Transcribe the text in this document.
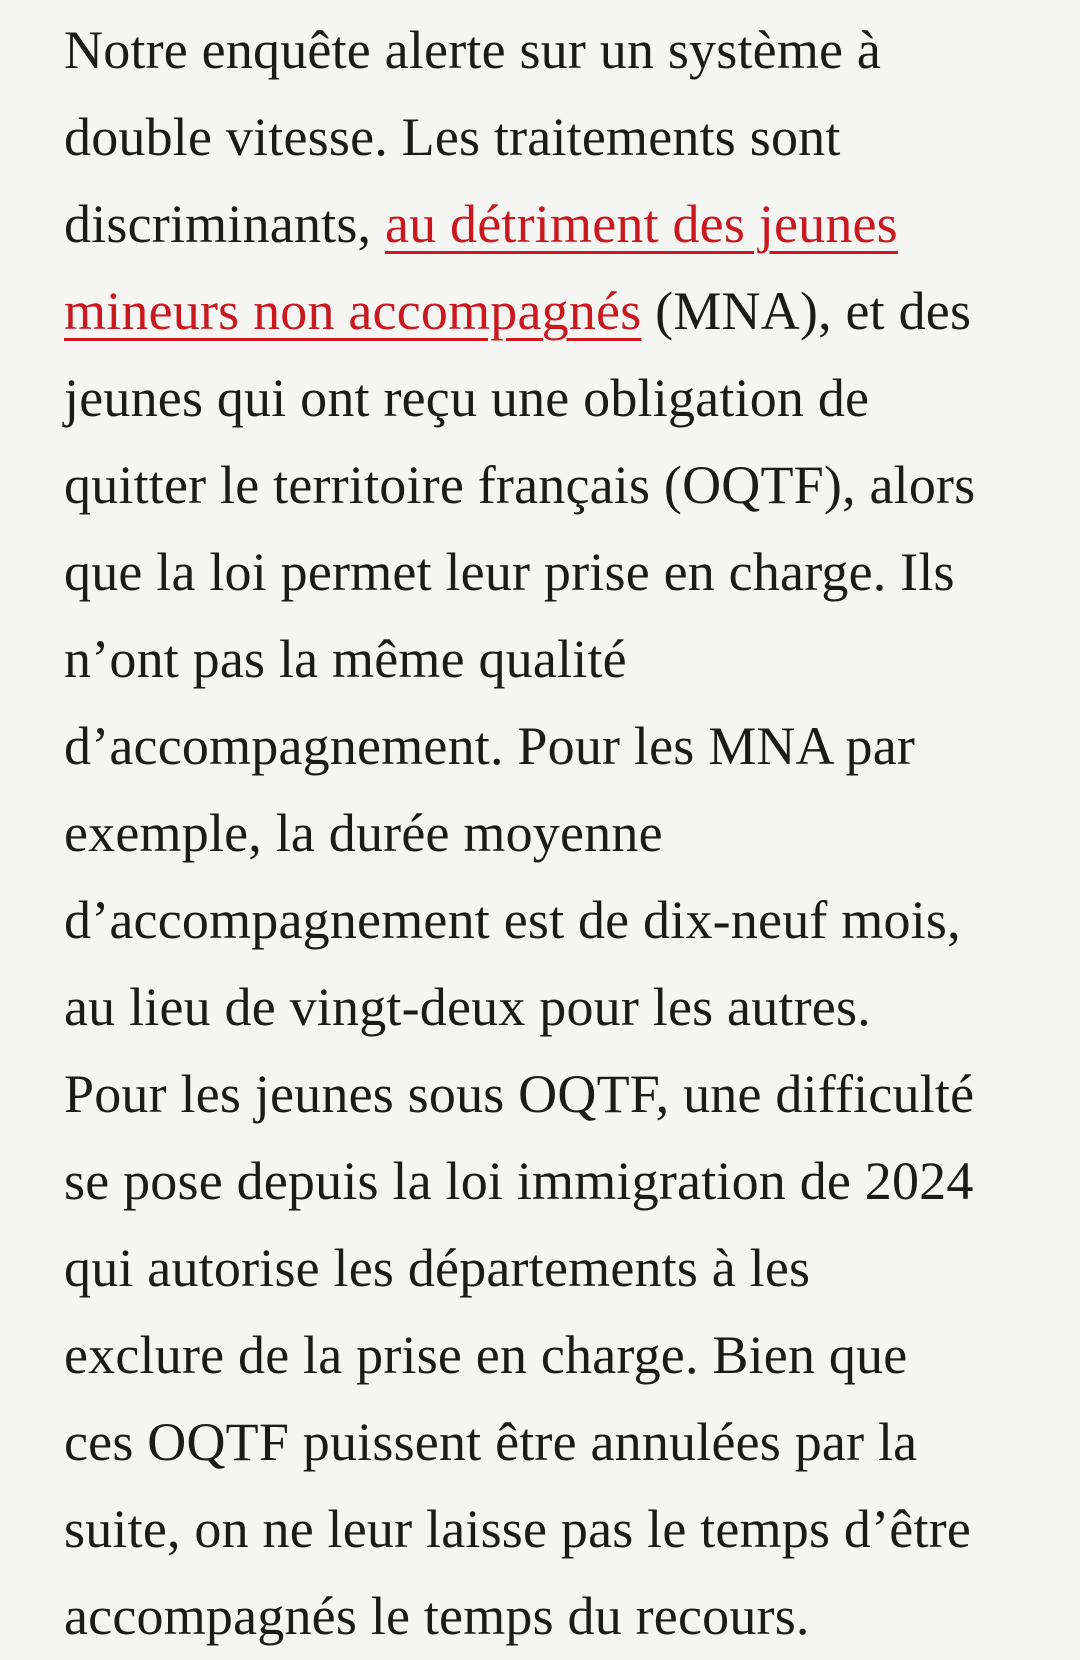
Notre enquête alerte sur un système à
double vitesse. Les traitements sont
discriminants, au détriment des jeunes
mineurs non accompagnés (MNA), et des
jeunes qui ont reçu une obligation de
quitter le territoire français (OQTF), alors
que la loi permet leur prise en charge. Ils
n’ont pas la même qualité
d’accompagnement. Pour les MNA par
exemple, la durée moyenne
d’accompagnement est de dix-neuf mois,
au lieu de vingt-deux pour les autres.
Pour les jeunes sous OQTF, une difficulté
se pose depuis la loi immigration de 2024
qui autorise les départements à les
exclure de la prise en charge. Bien que
ces OQTF puissent être annulées par la
suite, on ne leur laisse pas le temps d’être
accompagnés le temps du recours.
